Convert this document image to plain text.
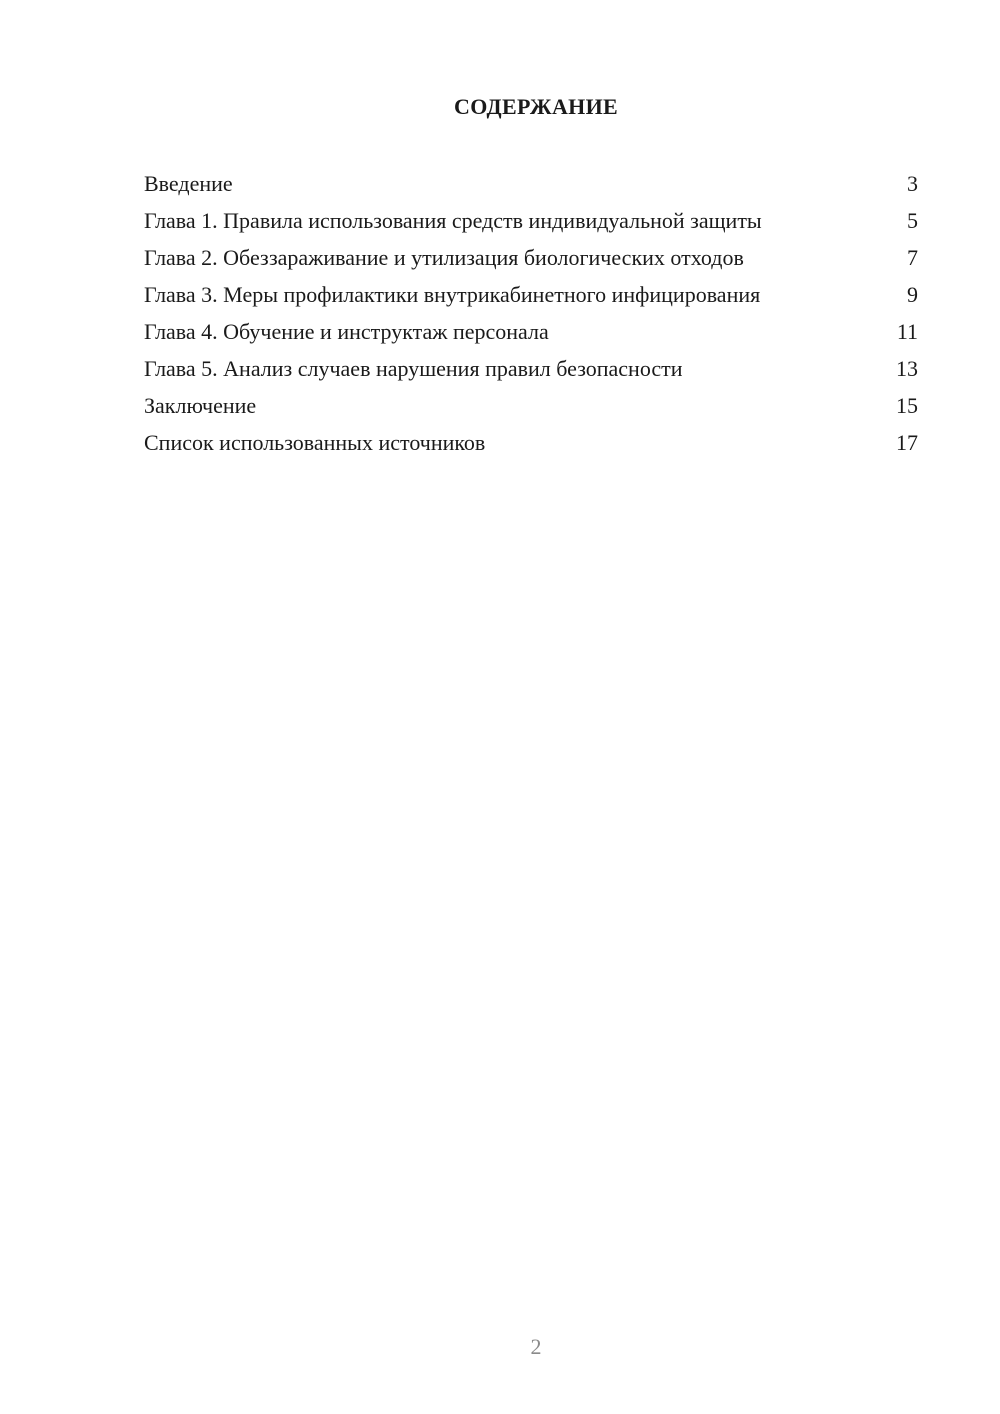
СОДЕРЖАНИЕ
Введение	3
Глава 1. Правила использования средств индивидуальной защиты	5
Глава 2. Обеззараживание и утилизация биологических отходов	7
Глава 3. Меры профилактики внутрикабинетного инфицирования	9
Глава 4. Обучение и инструктаж персонала	11
Глава 5. Анализ случаев нарушения правил безопасности	13
Заключение	15
Список использованных источников	17
2
